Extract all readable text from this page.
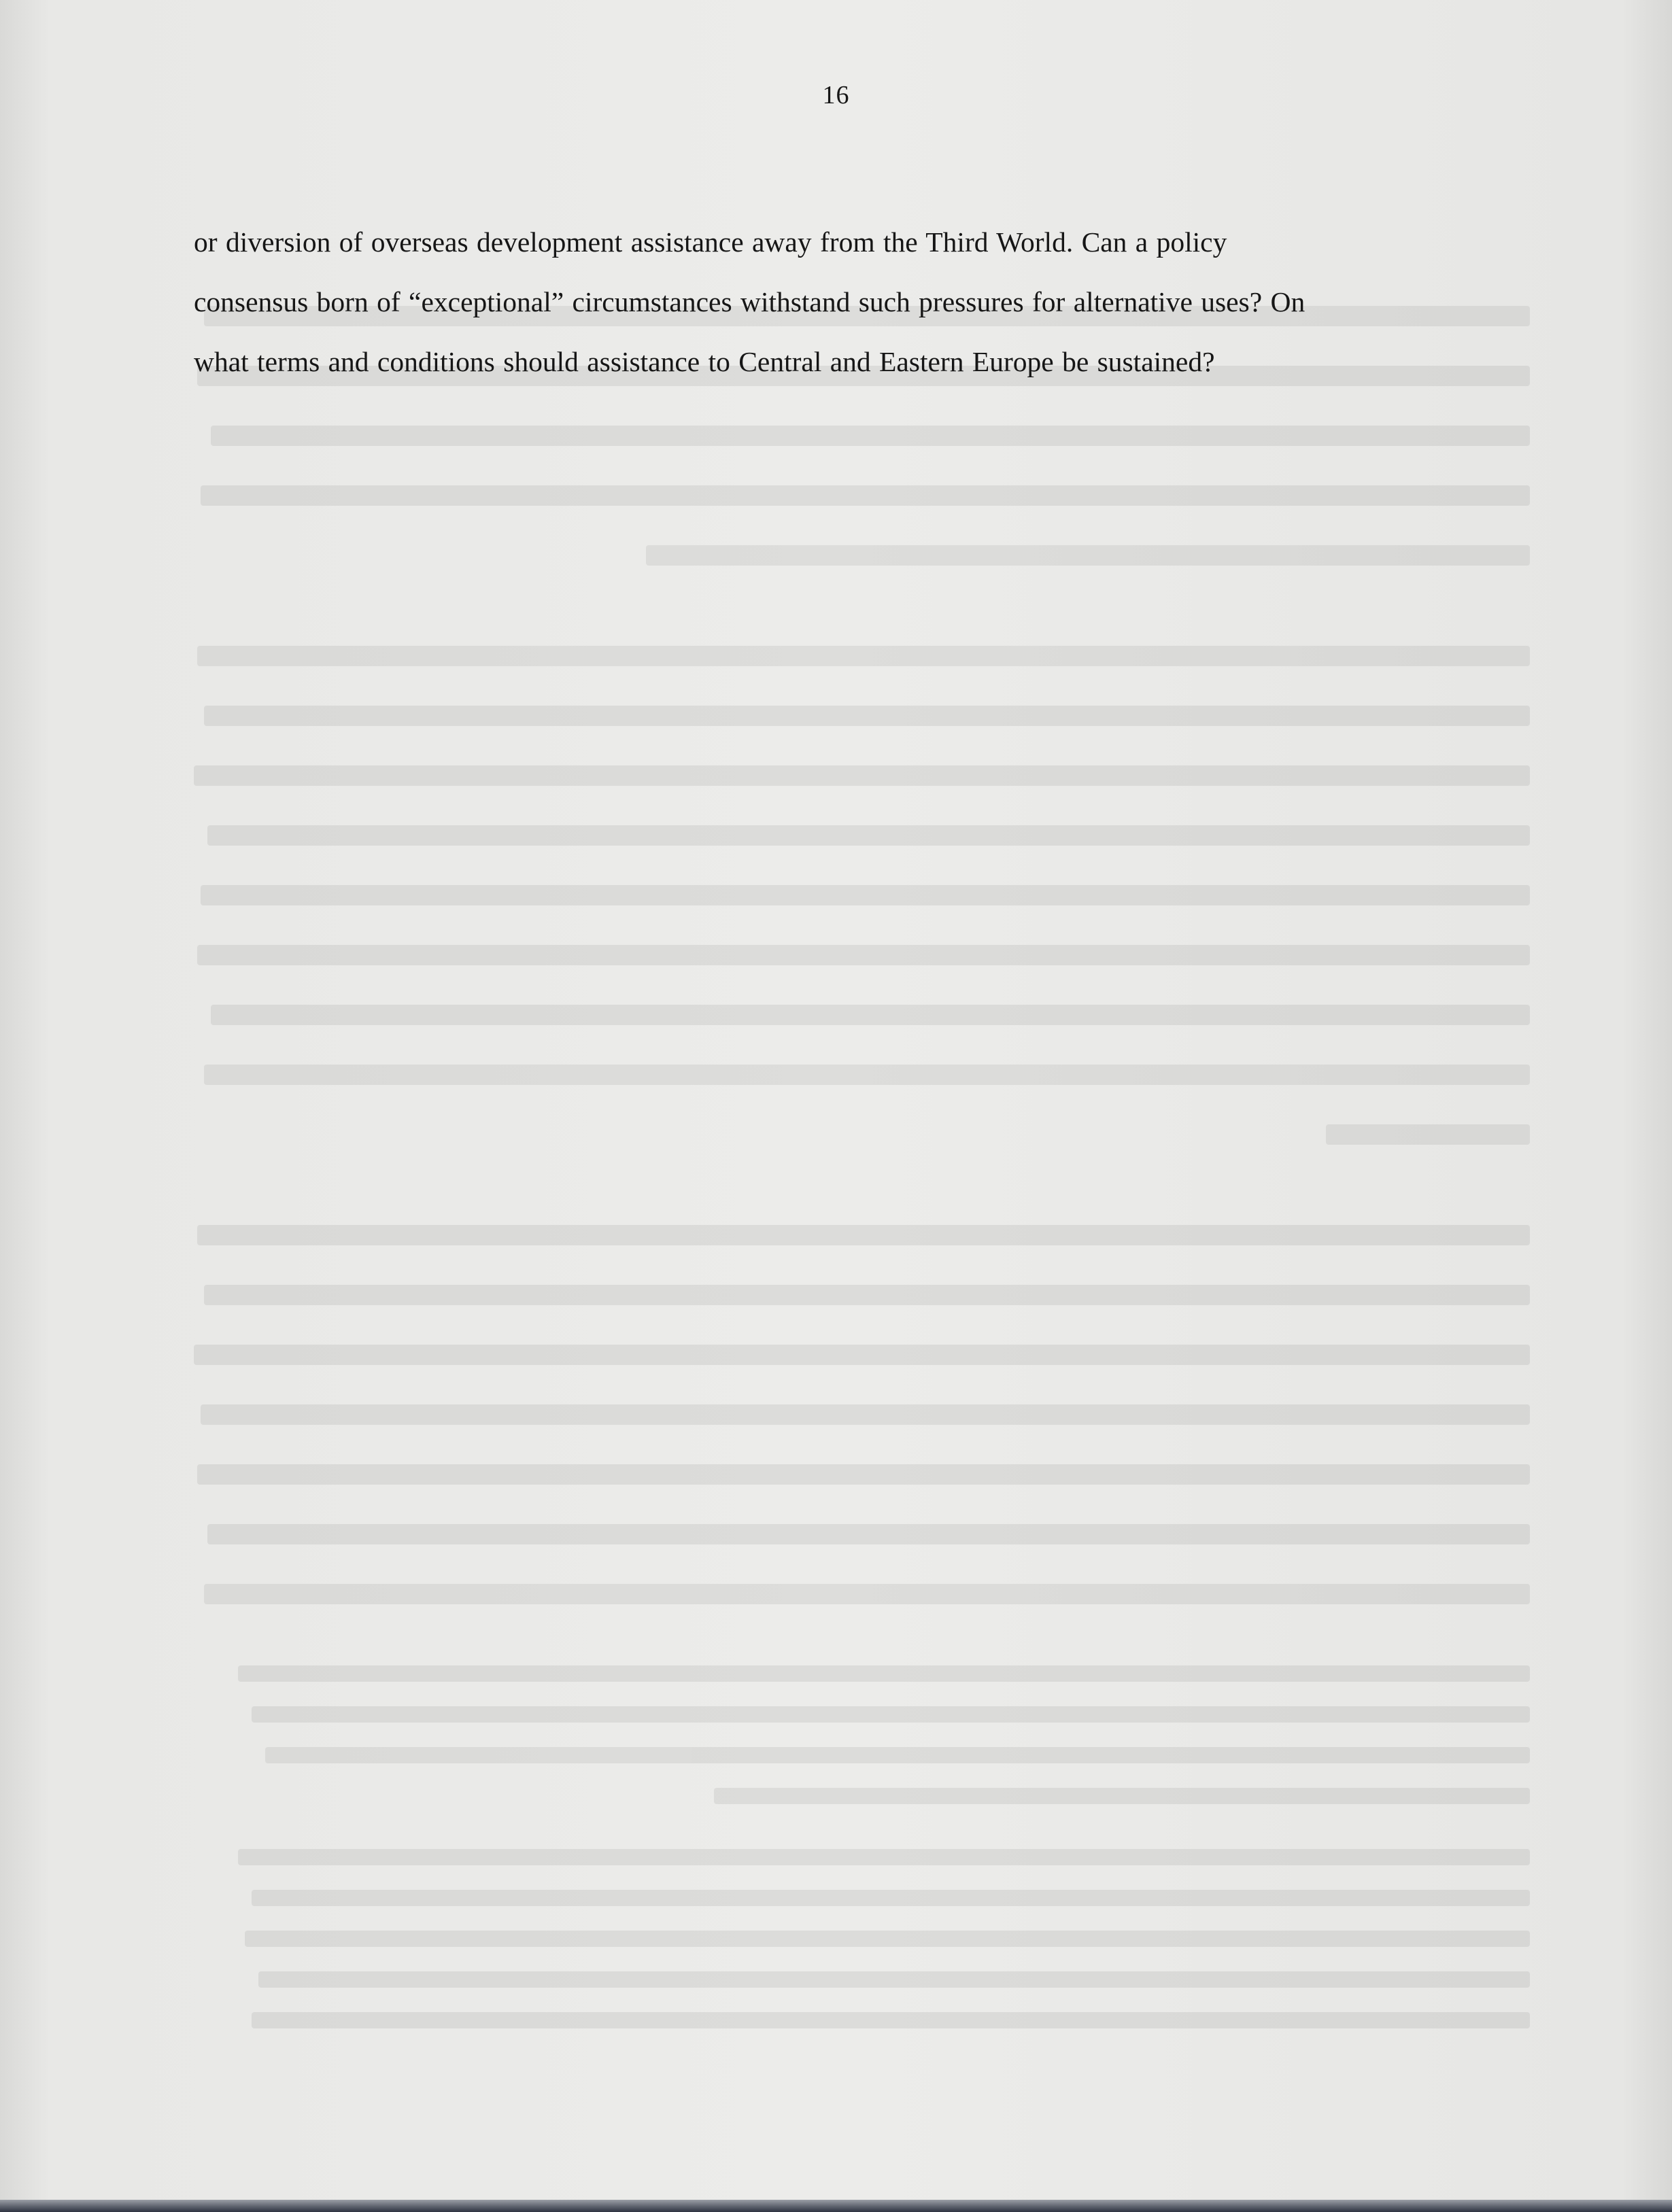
16
or diversion of overseas development assistance away from the Third World. Can a policy
consensus born of “exceptional” circumstances withstand such pressures for alternative uses? On
what terms and conditions should assistance to Central and Eastern Europe be sustained?
